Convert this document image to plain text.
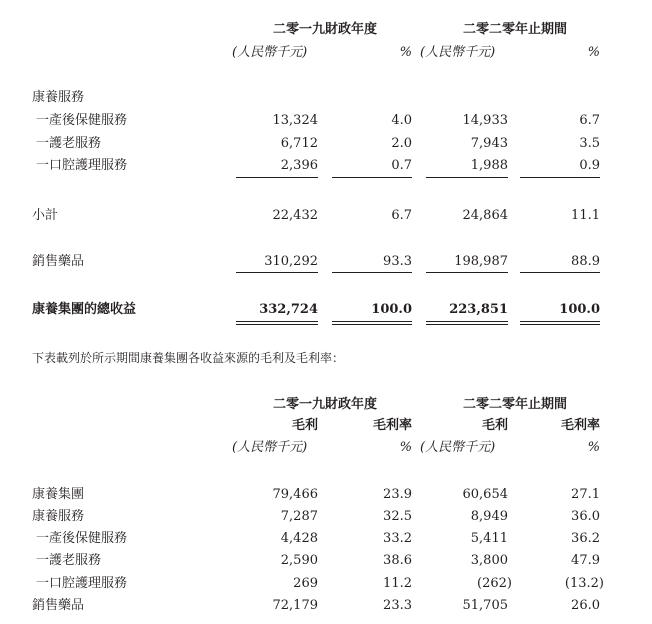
二零一九財政年度	二零二零年止期間
(人民幣千元)	% (人民幣千元)	%
康養服務
一產後保健服務	13,324	4.0	14,933	6.7
一護老服務	6,712	2.0	7,943	3.5
一口腔護理服務	2,396	0.7	1,988	0.9
小計	22,432	6.7	24,864	11.1
銷售藥品	310,292	93.3	198,987	88.9
康養集團的總收益	332,724	100.0	223,851	100.0
下表載列於所示期間康養集團各收益來源的毛利及毛利率：
二零一九財政年度	二零二零年止期間
毛利	毛利率	毛利	毛利率
(人民幣千元)	% (人民幣千元)	%
康養集團	79,466	23.9	60,654	27.1
康養服務	7,287	32.5	8,949	36.0
一產後保健服務	4,428	33.2	5,411	36.2
一護老服務	2,590	38.6	3,800	47.9
一口腔護理服務	269	11.2	(262)	(13.2)
銷售藥品	72,179	23.3	51,705	26.0
